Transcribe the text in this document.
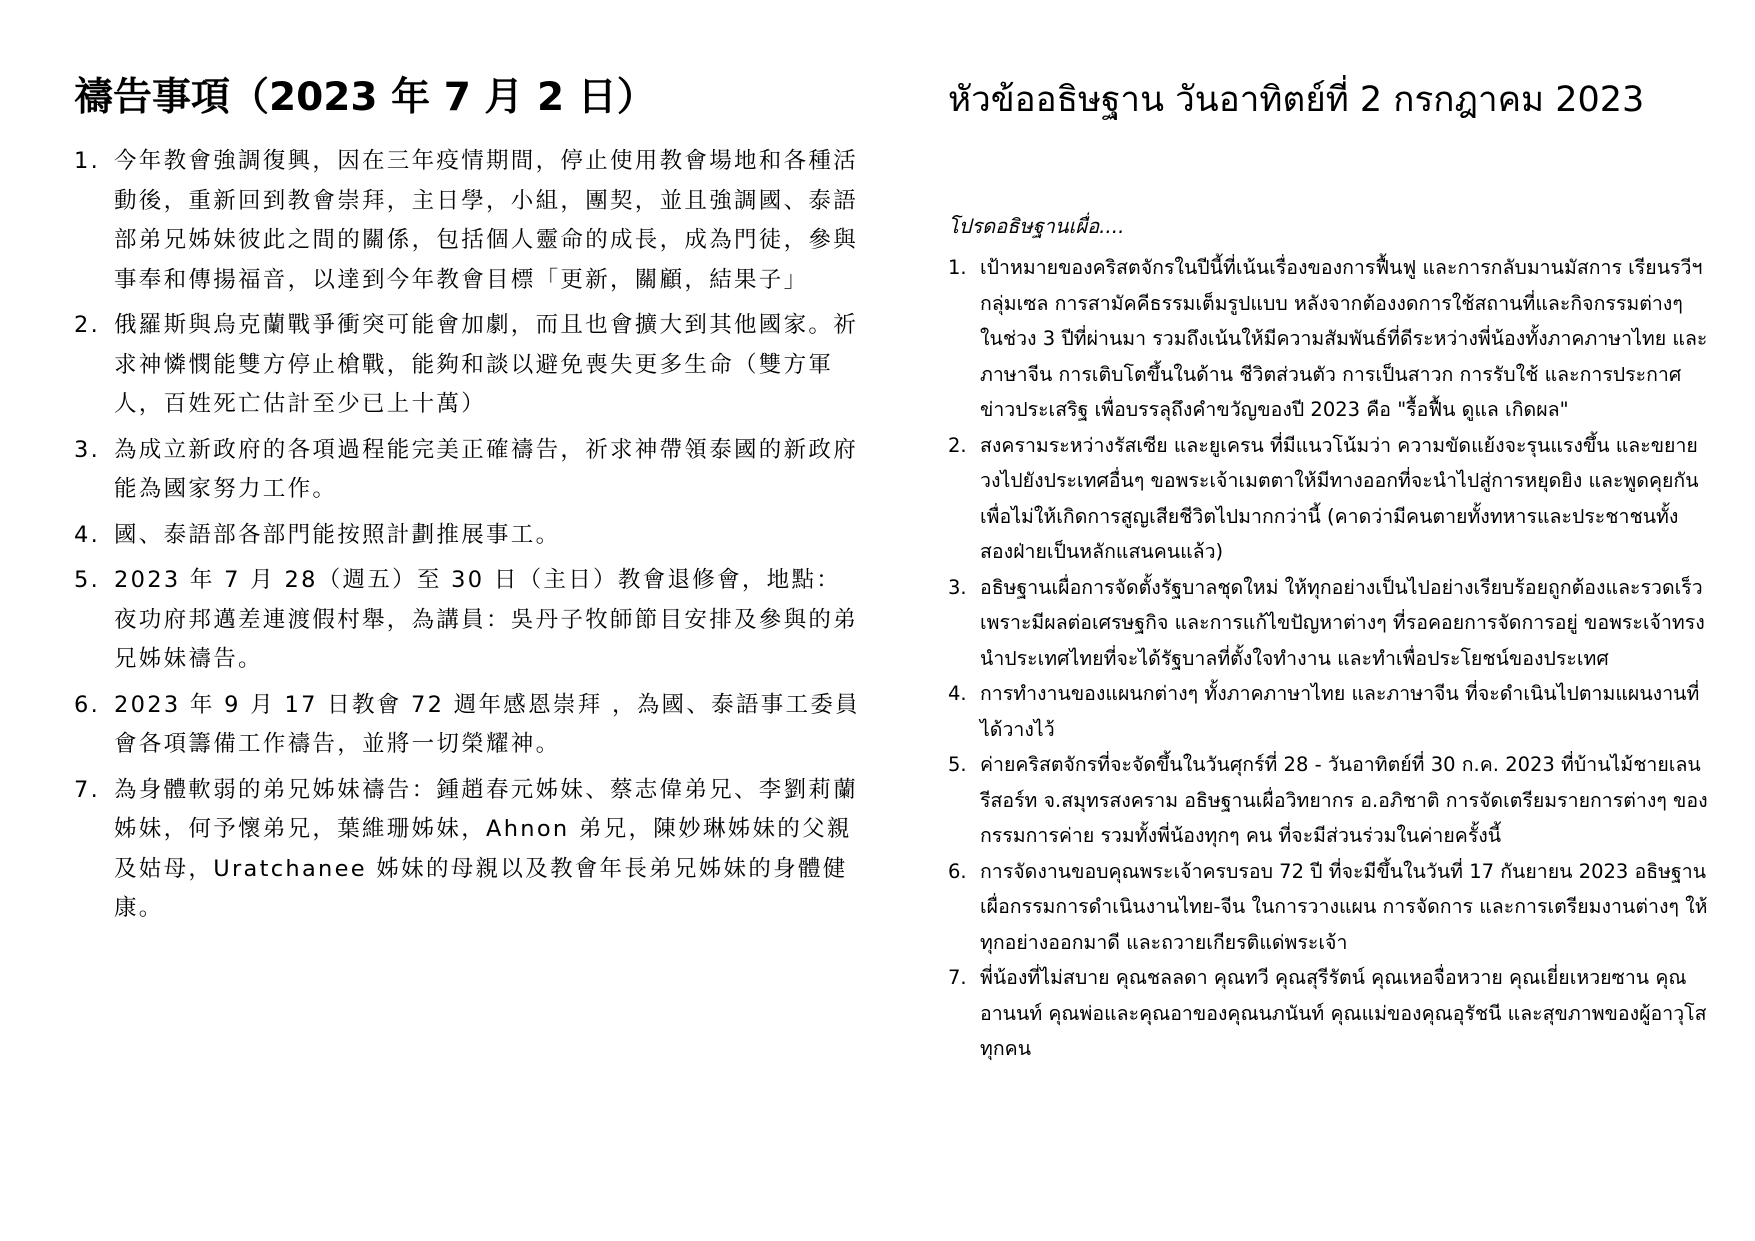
禱告事項（2023 年 7 月 2 日）
1. 今年教會強調復興，因在三年疫情期間，停止使用教會場地和各種活動後，重新回到教會崇拜，主日學，小組，團契，並且強調國、泰語部弟兄姊妹彼此之間的關係，包括個人靈命的成長，成為門徒，參與事奉和傳揚福音，以達到今年教會目標「更新，關顧，結果子」
2. 俄羅斯與烏克蘭戰爭衝突可能會加劇，而且也會擴大到其他國家。祈求神憐憫能雙方停止槍戰，能夠和談以避免喪失更多生命（雙方軍人，百姓死亡估計至少已上十萬）
3. 為成立新政府的各項過程能完美正確禱告，祈求神帶領泰國的新政府能為國家努力工作。
4. 國、泰語部各部門能按照計劃推展事工。
5. 2023 年 7 月 28（週五）至 30 日（主日）教會退修會，地點：夜功府邦邁差連渡假村舉，為講員：吳丹子牧師節目安排及參與的弟兄姊妹禱告。
6. 2023 年 9 月 17 日教會 72 週年感恩崇拜 ，為國、泰語事工委員會各項籌備工作禱告，並將一切榮耀神。
7. 為身體軟弱的弟兄姊妹禱告：鍾趙春元姊妹、蔡志偉弟兄、李劉莉蘭姊妹，何予懷弟兄，葉維珊姊妹，Ahnon 弟兄，陳妙琳姊妹的父親及姑母，Uratchanee 姊妹的母親以及教會年長弟兄姊妹的身體健康。
หัวข้ออธิษฐาน วันอาทิตย์ที่ 2 กรกฎาคม 2023

โปรดอธิษฐานเผื่อ....

1. เป้าหมายของคริสตจักรในปีนี้ที่เน้นเรื่องของการฟื้นฟู และการกลับมานมัสการ เรียนรวีฯ กลุ่มเซล การสามัคคีธรรมเต็มรูปแบบ หลังจากต้องงดการใช้สถานที่และกิจกรรมต่างๆ ในช่วง 3 ปีที่ผ่านมา รวมถึงเน้นให้มีความสัมพันธ์ที่ดีระหว่างพี่น้องทั้งภาคภาษาไทย และภาษาจีน การเติบโตขึ้นในด้าน ชีวิตส่วนตัว การเป็นสาวก การรับใช้ และการประกาศข่าวประเสริฐ เพื่อบรรลุถึงคำขวัญของปี 2023 คือ "รื้อฟื้น ดูแล เกิดผล"
2. สงครามระหว่างรัสเซีย และยูเครน ที่มีแนวโน้มว่า ความขัดแย้งจะรุนแรงขึ้น และขยายวงไปยังประเทศอื่นๆ ขอพระเจ้าเมตตาให้มีทางออกที่จะนำไปสู่การหยุดยิง และพูดคุยกัน เพื่อไม่ให้เกิดการสูญเสียชีวิตไปมากกว่านี้ (คาดว่ามีคนตายทั้งทหารและประชาชนทั้งสองฝ่ายเป็นหลักแสนคนแล้ว)
3. อธิษฐานเผื่อการจัดตั้งรัฐบาลชุดใหม่ ให้ทุกอย่างเป็นไปอย่างเรียบร้อยถูกต้องและรวดเร็ว เพราะมีผลต่อเศรษฐกิจ และการแก้ไขปัญหาต่างๆ ที่รอคอยการจัดการอยู่ ขอพระเจ้าทรงนำประเทศไทยที่จะได้รัฐบาลที่ตั้งใจทำงาน และทำเพื่อประโยชน์ของประเทศ
4. การทำงานของแผนกต่างๆ ทั้งภาคภาษาไทย และภาษาจีน ที่จะดำเนินไปตามแผนงานที่ได้วางไว้
5. ค่ายคริสตจักรที่จะจัดขึ้นในวันศุกร์ที่ 28 - วันอาทิตย์ที่ 30 ก.ค. 2023 ที่บ้านไม้ชายเลนรีสอร์ท จ.สมุทรสงคราม อธิษฐานเผื่อวิทยากร อ.อภิชาติ การจัดเตรียมรายการต่างๆ ของกรรมการค่าย รวมทั้งพี่น้องทุกๆ คน ที่จะมีส่วนร่วมในค่ายครั้งนี้
6. การจัดงานขอบคุณพระเจ้าครบรอบ 72 ปี ที่จะมีขึ้นในวันที่ 17 กันยายน 2023 อธิษฐานเผื่อกรรมการดำเนินงานไทย-จีน ในการวางแผน การจัดการ และการเตรียมงานต่างๆ ให้ทุกอย่างออกมาดี และถวายเกียรติแด่พระเจ้า
7. พี่น้องที่ไม่สบาย คุณชลลดา คุณทวี คุณสุรีรัตน์ คุณเหอจื่อหวาย คุณเยี่ยเหวยซาน คุณอานนท์ คุณพ่อและคุณอาของคุณนภนันท์ คุณแม่ของคุณอุรัชนี และสุขภาพของผู้อาวุโสทุกคน
